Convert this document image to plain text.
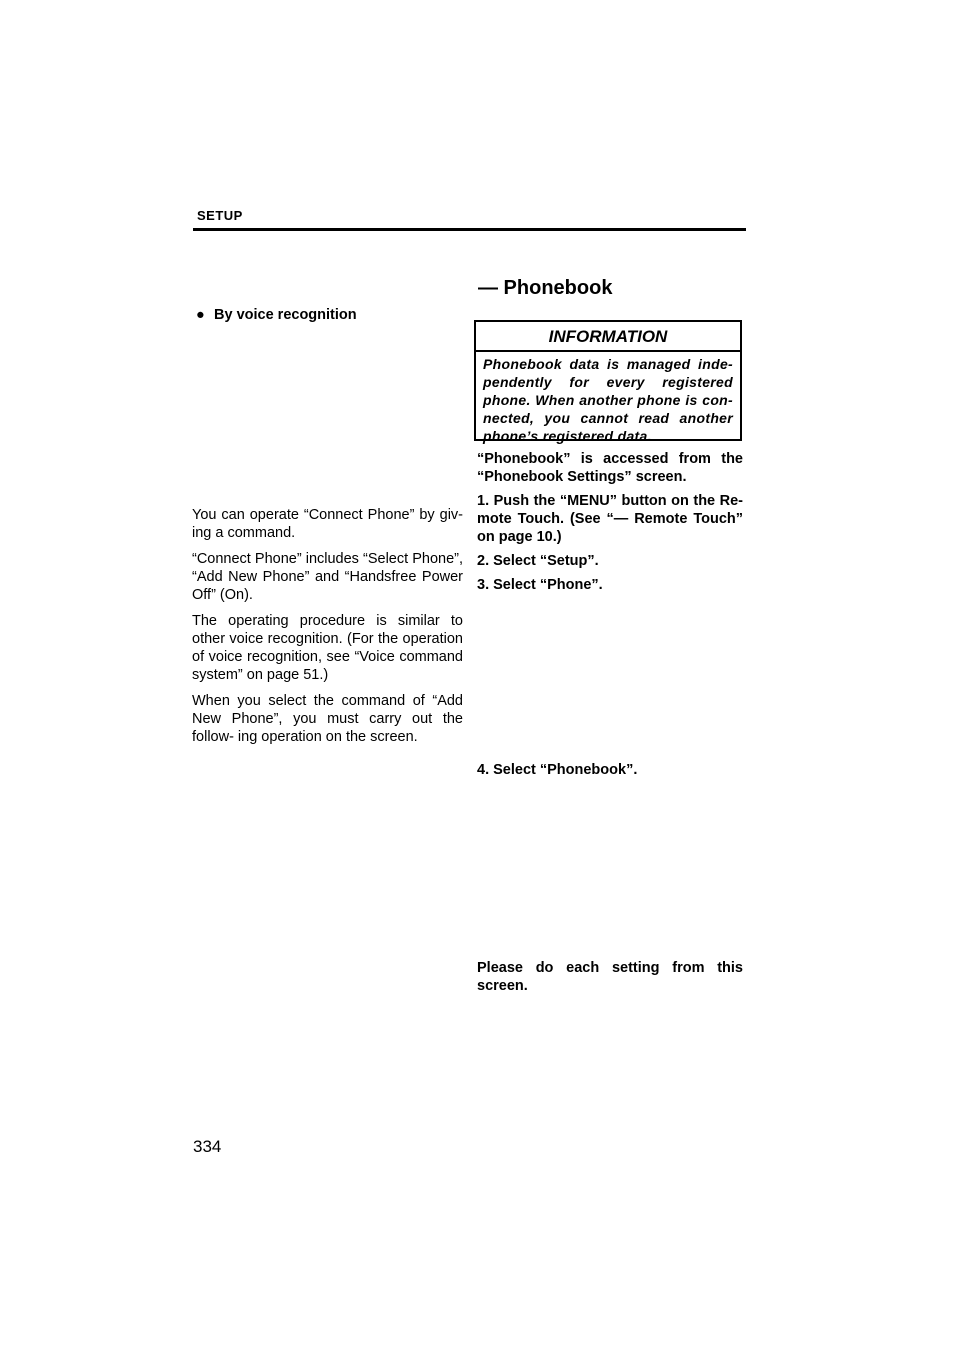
SETUP
● By voice recognition

You can operate “Connect Phone” by giv‑ ing a command.

“Connect Phone” includes “Select Phone”, “Add New Phone” and “Handsfree Power Off” (On).

The operating procedure is similar to other voice recognition. (For the operation of voice recognition, see “Voice command system” on page 51.)

When you select the command of “Add New Phone”, you must carry out the follow‑ ing operation on the screen.

— Phonebook
INFORMATION
Phonebook data is managed inde‑ pendently for every registered phone. When another phone is con‑ nected, you cannot read another phone’s registered data.

“Phonebook” is accessed from the “Phonebook Settings” screen.

1. Push the “MENU” button on the Re‑ mote Touch. (See “— Remote Touch” on page 10.)

2. Select “Setup”.

3. Select “Phone”.

4. Select “Phonebook”.
Please do each setting from this screen.
334
